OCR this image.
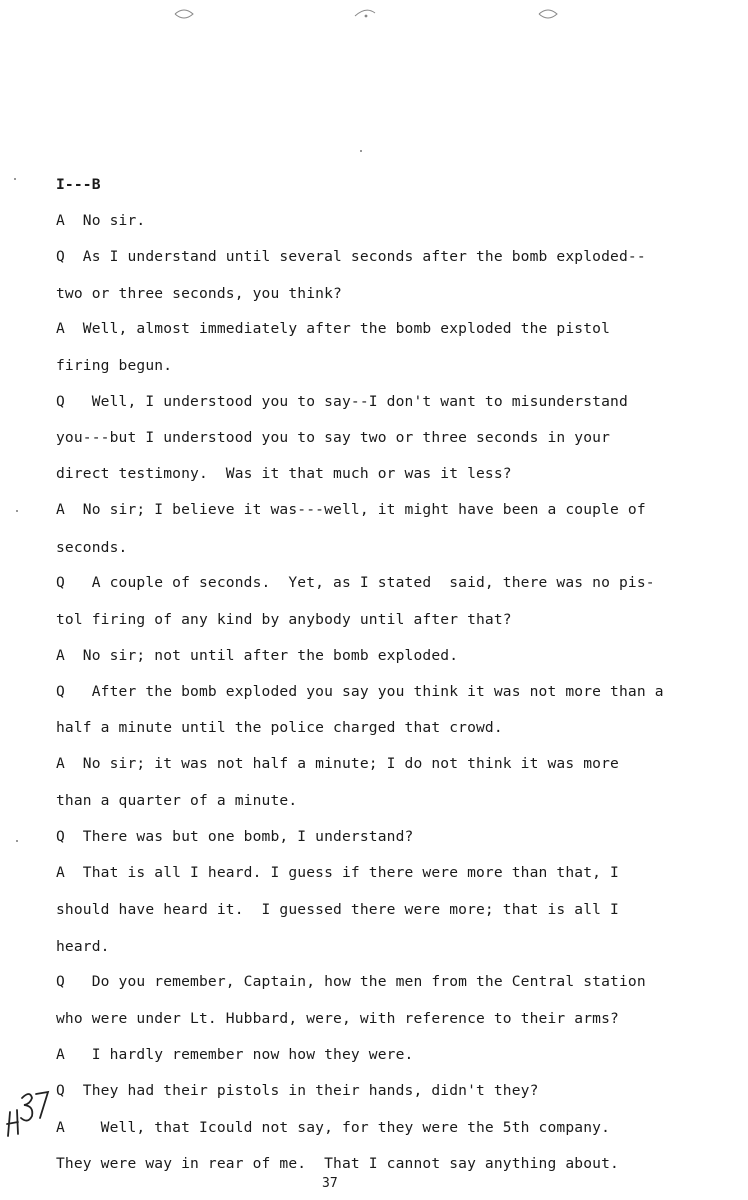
I---B
A  No sir.
Q  As I understand until several seconds after the bomb exploded--
two or three seconds, you think?
A  Well, almost immediately after the bomb exploded the pistol
firing begun.
Q   Well, I understood you to say--I don't want to misunderstand
you---but I understood you to say two or three seconds in your
direct testimony.  Was it that much or was it less?
A  No sir; I believe it was---well, it might have been a couple of
seconds.
Q   A couple of seconds.  Yet, as I stated  said, there was no pis-
tol firing of any kind by anybody until after that?
A  No sir; not until after the bomb exploded.
Q   After the bomb exploded you say you think it was not more than a
half a minute until the police charged that crowd.
A  No sir; it was not half a minute; I do not think it was more
than a quarter of a minute.
Q  There was but one bomb, I understand?
A  That is all I heard. I guess if there were more than that, I
should have heard it.  I guessed there were more; that is all I
heard.
Q   Do you remember, Captain, how the men from the Central station
who were under Lt. Hubbard, were, with reference to their arms?
A   I hardly remember now how they were.
Q  They had their pistols in their hands, didn't they?
A    Well, that Icould not say, for they were the 5th company.
They were way in rear of me.  That I cannot say anything about.
37
